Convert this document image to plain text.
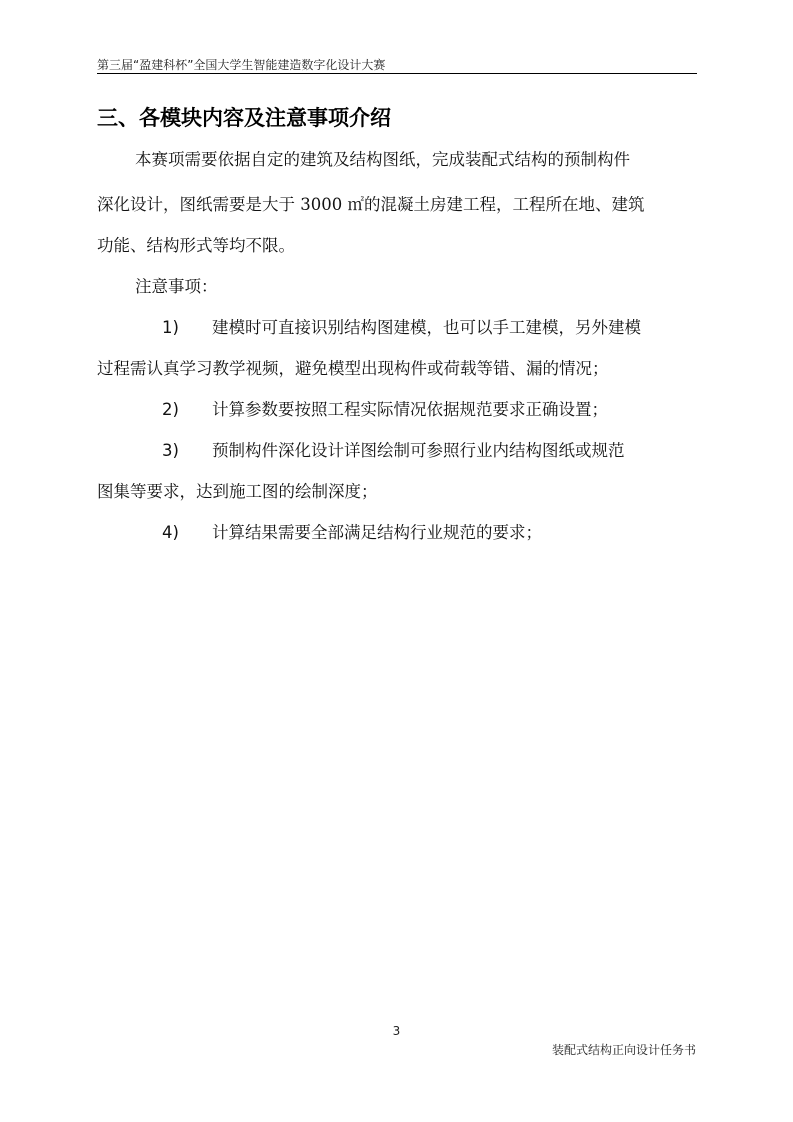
第三届“盈建科杯”全国大学生智能建造数字化设计大赛
三、各模块内容及注意事项介绍
本赛项需要依据自定的建筑及结构图纸，完成装配式结构的预制构件
深化设计，图纸需要是大于 3000 ㎡的混凝土房建工程，工程所在地、建筑
功能、结构形式等均不限。
注意事项：
1) 建模时可直接识别结构图建模，也可以手工建模，另外建模
过程需认真学习教学视频，避免模型出现构件或荷载等错、漏的情况；
2) 计算参数要按照工程实际情况依据规范要求正确设置；
3) 预制构件深化设计详图绘制可参照行业内结构图纸或规范
图集等要求，达到施工图的绘制深度；
4) 计算结果需要全部满足结构行业规范的要求；
3
装配式结构正向设计任务书
